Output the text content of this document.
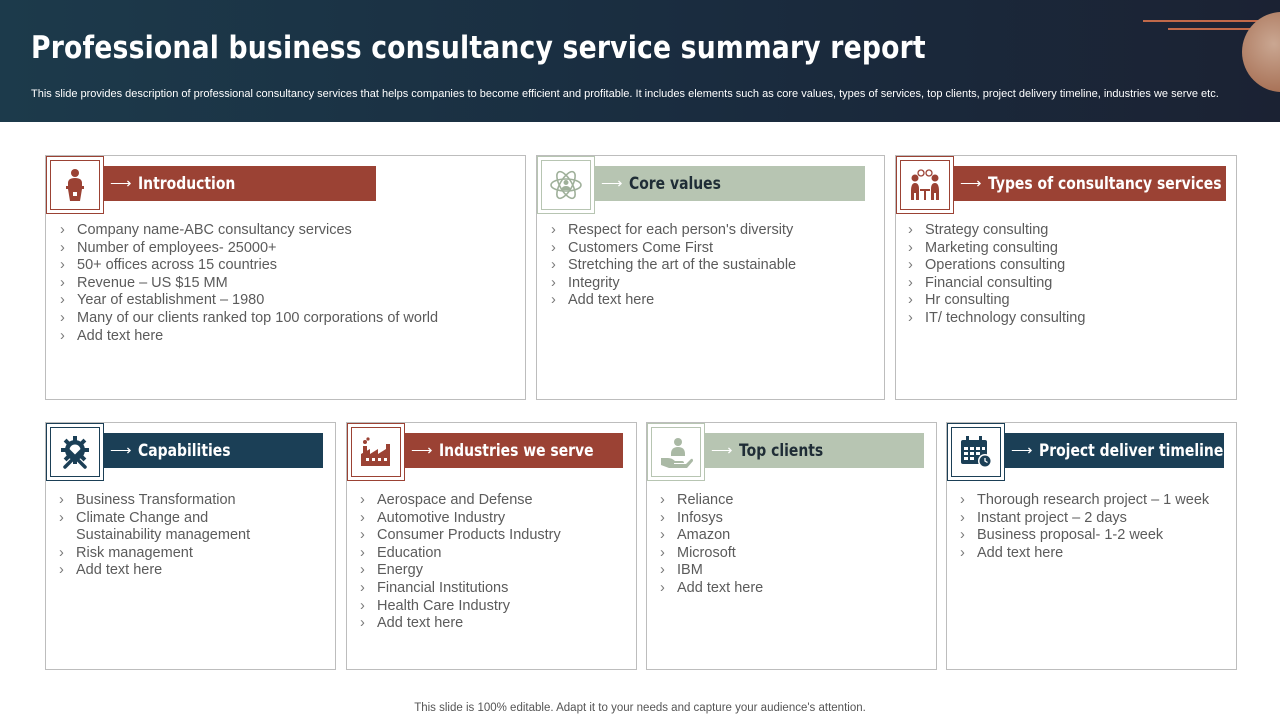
Professional business consultancy service summary report
This slide provides description of professional consultancy services that helps companies to become efficient and profitable. It includes elements such as core values, types of services, top clients, project delivery timeline, industries we serve etc.
⟶ Introduction
› Company name-ABC consultancy services
› Number of employees- 25000+
› 50+ offices across 15 countries
› Revenue – US $15 MM
› Year of establishment – 1980
› Many of our clients ranked top 100 corporations of world
› Add text here
⟶ Core values
› Respect for each person's diversity
› Customers Come First
› Stretching the art of the sustainable
› Integrity
› Add text here
⟶ Types of consultancy services
› Strategy consulting
› Marketing consulting
› Operations consulting
› Financial consulting
› Hr consulting
› IT/ technology consulting
⟶ Capabilities
› Business Transformation
› Climate Change and Sustainability management
› Risk management
› Add text here
⟶ Industries we serve
› Aerospace and Defense
› Automotive Industry
› Consumer Products Industry
› Education
› Energy
› Financial Institutions
› Health Care Industry
› Add text here
⟶ Top clients
› Reliance
› Infosys
› Amazon
› Microsoft
› IBM
› Add text here
⟶ Project deliver timeline
› Thorough research project – 1 week
› Instant project – 2 days
› Business proposal- 1-2 week
› Add text here
This slide is 100% editable. Adapt it to your needs and capture your audience's attention.
